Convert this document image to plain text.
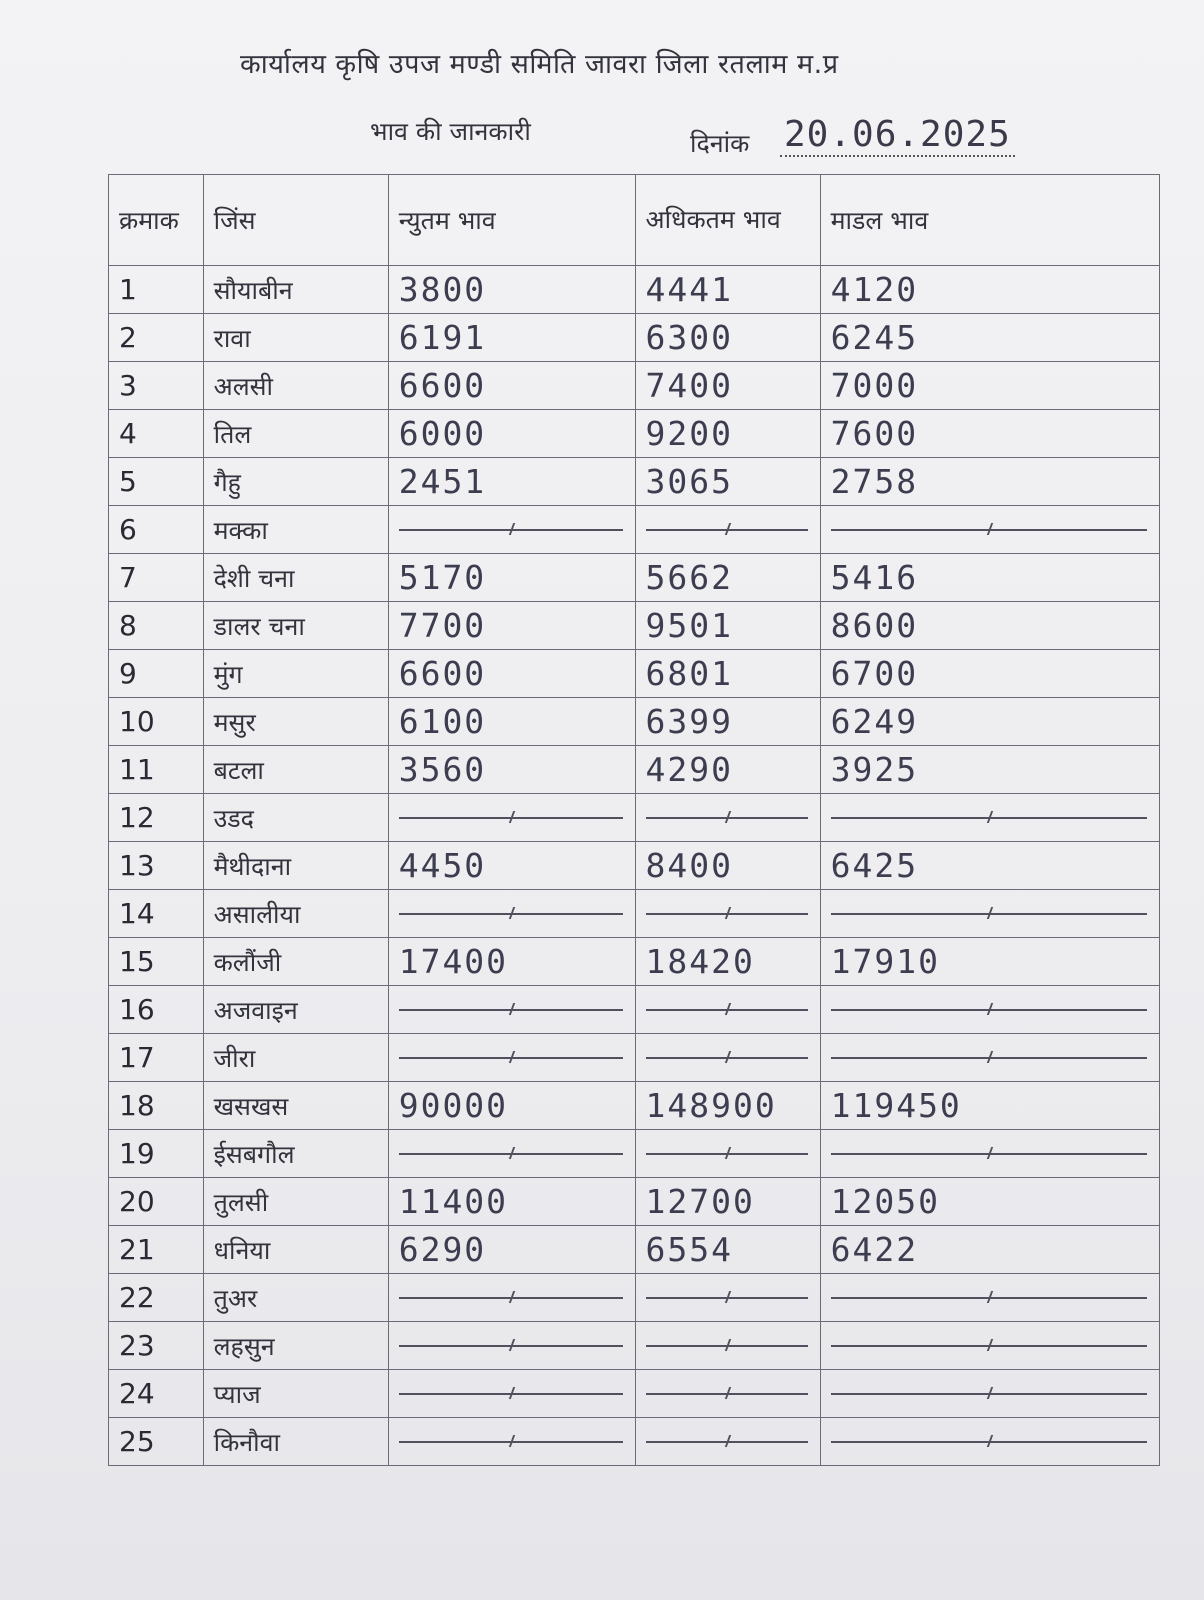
कार्यालय कृषि उपज मण्डी समिति जावरा जिला रतलाम म.प्र
भाव की जानकारी	दिनांक 20.06.2025
क्रमाक	जिंस	न्युतम भाव	अधिकतम भाव	माडल भाव
1	सौयाबीन	3800	4441	4120
2	रावा	6191	6300	6245
3	अलसी	6600	7400	7000
4	तिल	6000	9200	7600
5	गैहु	2451	3065	2758
6	मक्का	

7	देशी चना	5170	5662	5416
8	डालर चना	7700	9501	8600
9	मुंग	6600	6801	6700
10	मसुर	6100	6399	6249
11	बटला	3560	4290	3925
12	उडद	

13	मैथीदाना	4450	8400	6425
14	असालीया	

15	कलौंजी	17400	18420	17910
16	अजवाइन	

17	जीरा	

18	खसखस	90000	148900	119450
19	ईसबगौल	

20	तुलसी	11400	12700	12050
21	धनिया	6290	6554	6422
22	तुअर	

23	लहसुन	

24	प्याज	

25	किनौवा	
